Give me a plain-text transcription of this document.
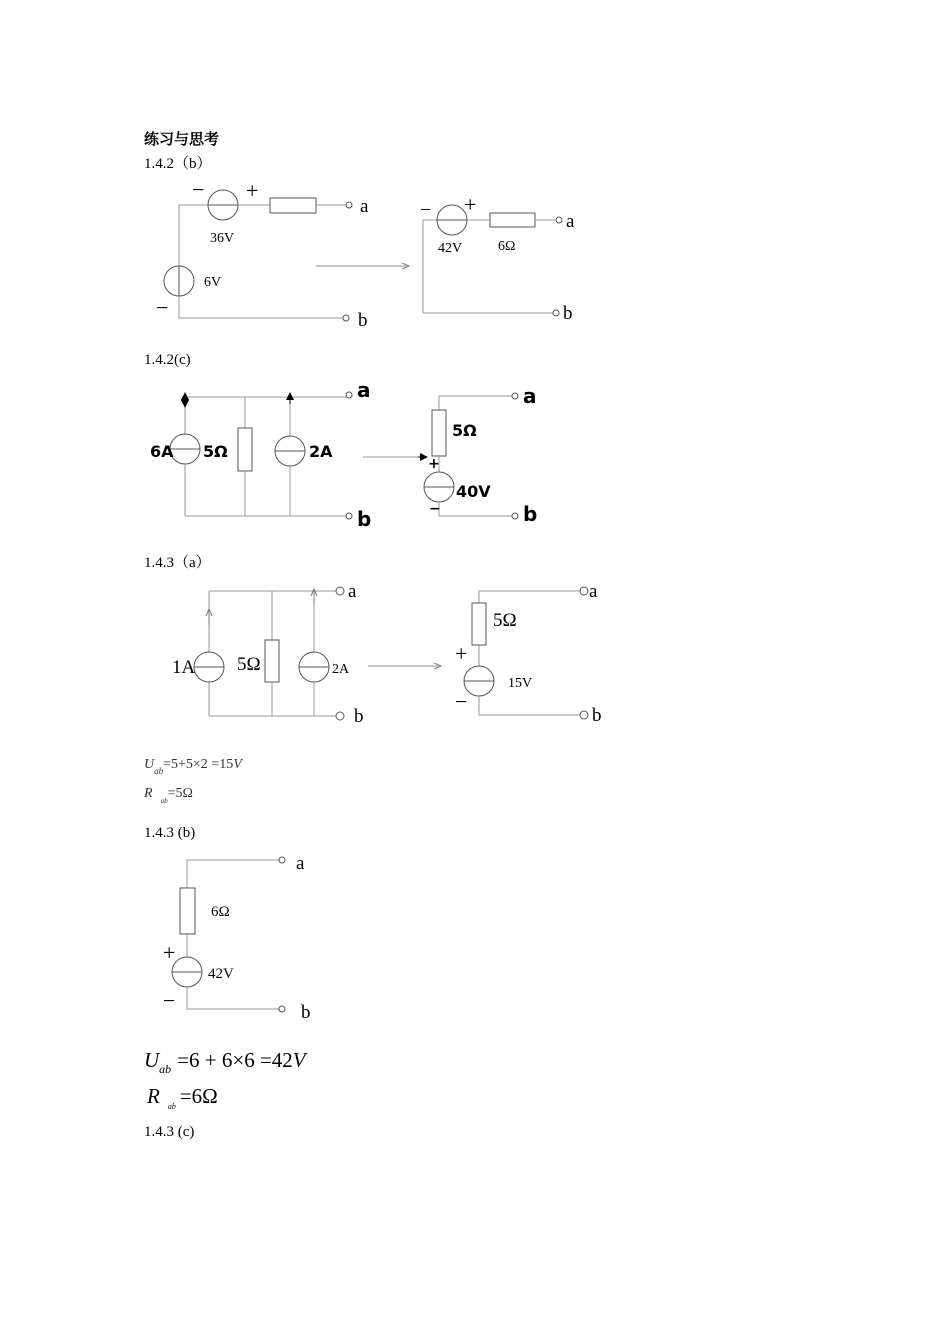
练习与思考
1.4.2（b）
1.4.2(c)
1.4.3（a）
1.4.3 (b)
1.4.3 (c)
− +
36V
6V
−
a
b
− +
42V	6Ω
a
b
6A 5Ω	2A
a
b
+
−
5Ω
40V
a
b
1A 5Ω	2A
a
b
+
−
5Ω
15V
a
b
+
−
6Ω
42V
a
b
$U_{ab}=5+5\times 2 =15V$
R $_{ab}$=5Ω
$U_{ab} =6 + 6\times 6 =42V$
R $_{ab}$ =6Ω
